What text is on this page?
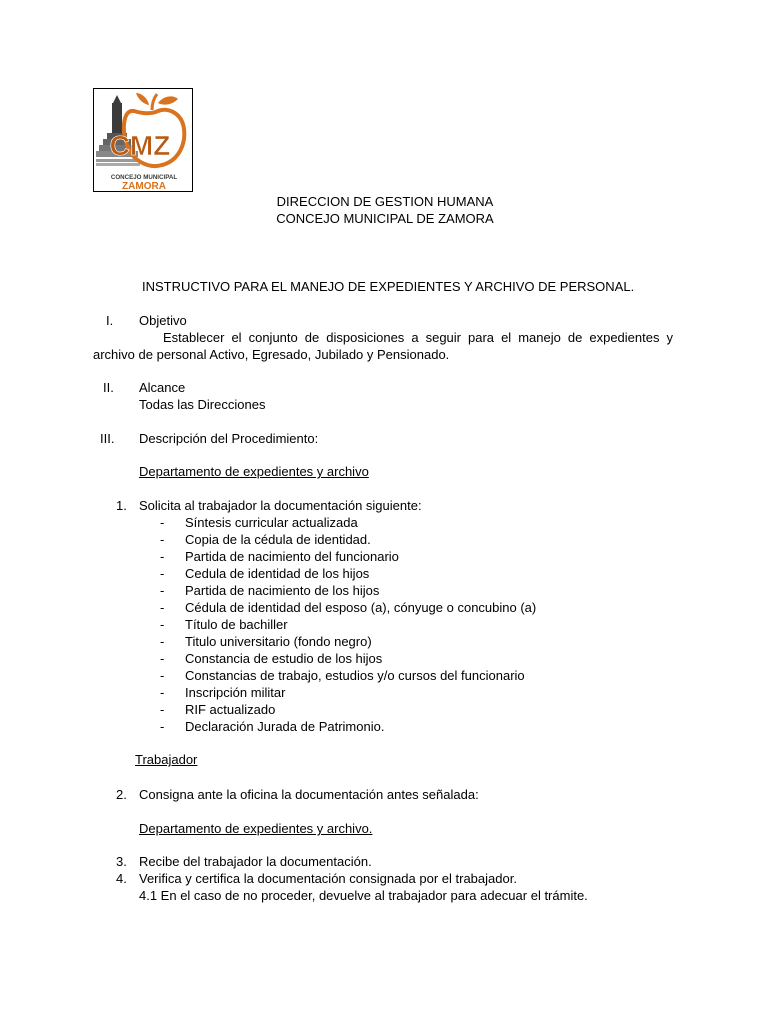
CMZ
CONCEJO MUNICIPAL
ZAMORA
DIRECCION DE GESTION HUMANA
CONCEJO MUNICIPAL DE ZAMORA
INSTRUCTIVO PARA EL MANEJO DE EXPEDIENTES Y ARCHIVO DE PERSONAL.
I. Objetivo
Establecer el conjunto de disposiciones a seguir para el manejo de expedientes y archivo de personal Activo, Egresado, Jubilado y Pensionado.
II. Alcance
Todas las Direcciones
III. Descripción del Procedimiento:
Departamento de expedientes y archivo
1. Solicita al trabajador la documentación siguiente:
- Síntesis curricular actualizada
- Copia de la cédula de identidad.
- Partida de nacimiento del funcionario
- Cedula de identidad de los hijos
- Partida de nacimiento de los hijos
- Cédula de identidad del esposo (a), cónyuge o concubino (a)
- Título de bachiller
- Titulo universitario (fondo negro)
- Constancia de estudio de los hijos
- Constancias de trabajo, estudios y/o cursos del funcionario
- Inscripción militar
- RIF actualizado
- Declaración Jurada de Patrimonio.
Trabajador
2. Consigna ante la oficina la documentación antes señalada:
Departamento de expedientes y archivo.
3. Recibe del trabajador la documentación.
4. Verifica y certifica la documentación consignada por el trabajador.
4.1 En el caso de no proceder, devuelve al trabajador para adecuar el trámite.
